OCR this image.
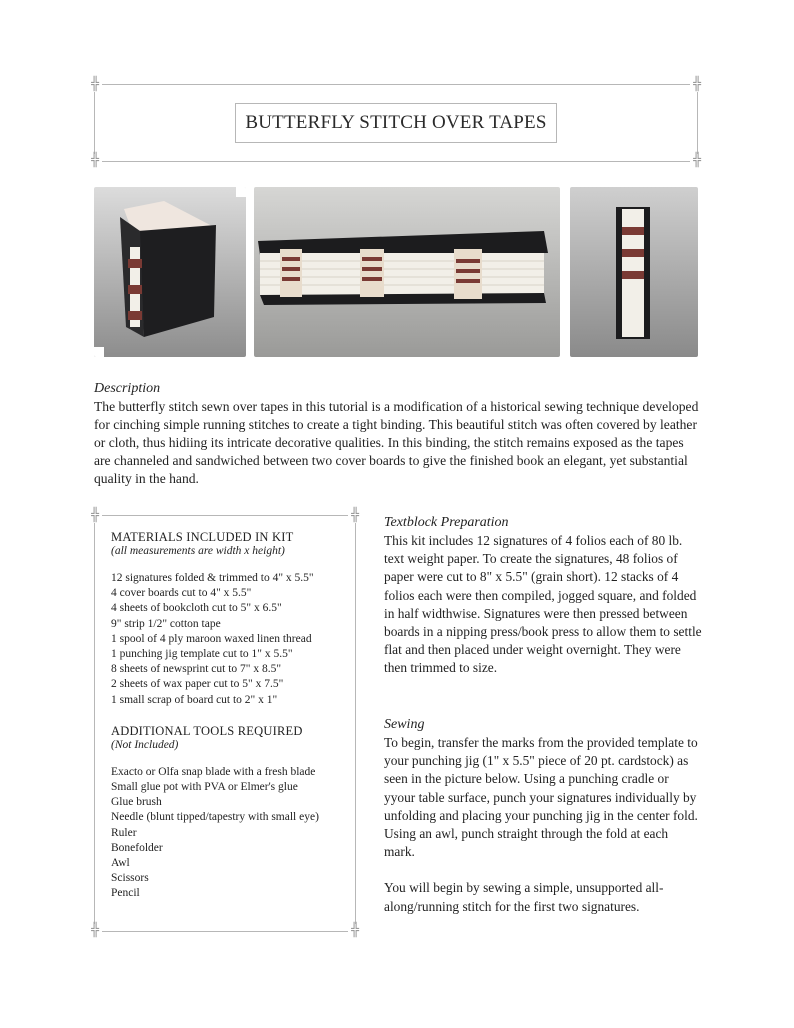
╬	╬
╬	╬
BUTTERFLY STITCH OVER TAPES
Description

The butterfly stitch sewn over tapes in this tutorial is a modification of a historical sewing technique developed for cinching simple running stitches to create a tight binding. This beautiful stitch was often covered by leather or cloth, thus hidiing its intricate decorative qualities. In this binding, the stitch remains exposed as the tapes are channeled and sandwiched between two cover boards to give the finished book an elegant, yet substantial quality in the hand.

╬	╬
╬	╬

MATERIALS INCLUDED IN KIT

(all measurements are width x height)

12 signatures folded & trimmed to 4" x 5.5"
4 cover boards cut to 4" x 5.5"
4 sheets of bookcloth cut to 5" x 6.5"
9" strip 1/2" cotton tape
1 spool of 4 ply maroon waxed linen thread
1 punching jig template cut to 1" x 5.5"
8 sheets of newsprint cut to 7" x 8.5"
2 sheets of wax paper cut to 5" x 7.5"
1 small scrap of board cut to 2" x 1"

ADDITIONAL TOOLS REQUIRED

(Not Included)

Exacto or Olfa snap blade with a fresh blade
Small glue pot with PVA or Elmer's glue
Glue brush
Needle (blunt tipped/tapestry with small eye)
Ruler
Bonefolder
Awl
Scissors
Pencil
Textblock Preparation

This kit includes 12 signatures of 4 folios each of 80 lb. text weight paper. To create the signatures, 48 folios of paper were cut to 8" x 5.5" (grain short). 12 stacks of 4 folios each were then compiled, jogged square, and folded in half widthwise. Signatures were then pressed between boards in a nipping press/book press to allow them to settle flat and then placed under weight overnight. They were then trimmed to size.

Sewing

To begin, transfer the marks from the provided template to your punching jig (1" x 5.5" piece of 20 pt. cardstock) as seen in the picture below. Using a punching cradle or yyour table surface, punch your signatures individually by unfolding and placing your punching jig in the center fold. Using an awl, punch straight through the fold at each mark.

You will begin by sewing a simple, unsupported all-along/running stitch for the first two signatures.
